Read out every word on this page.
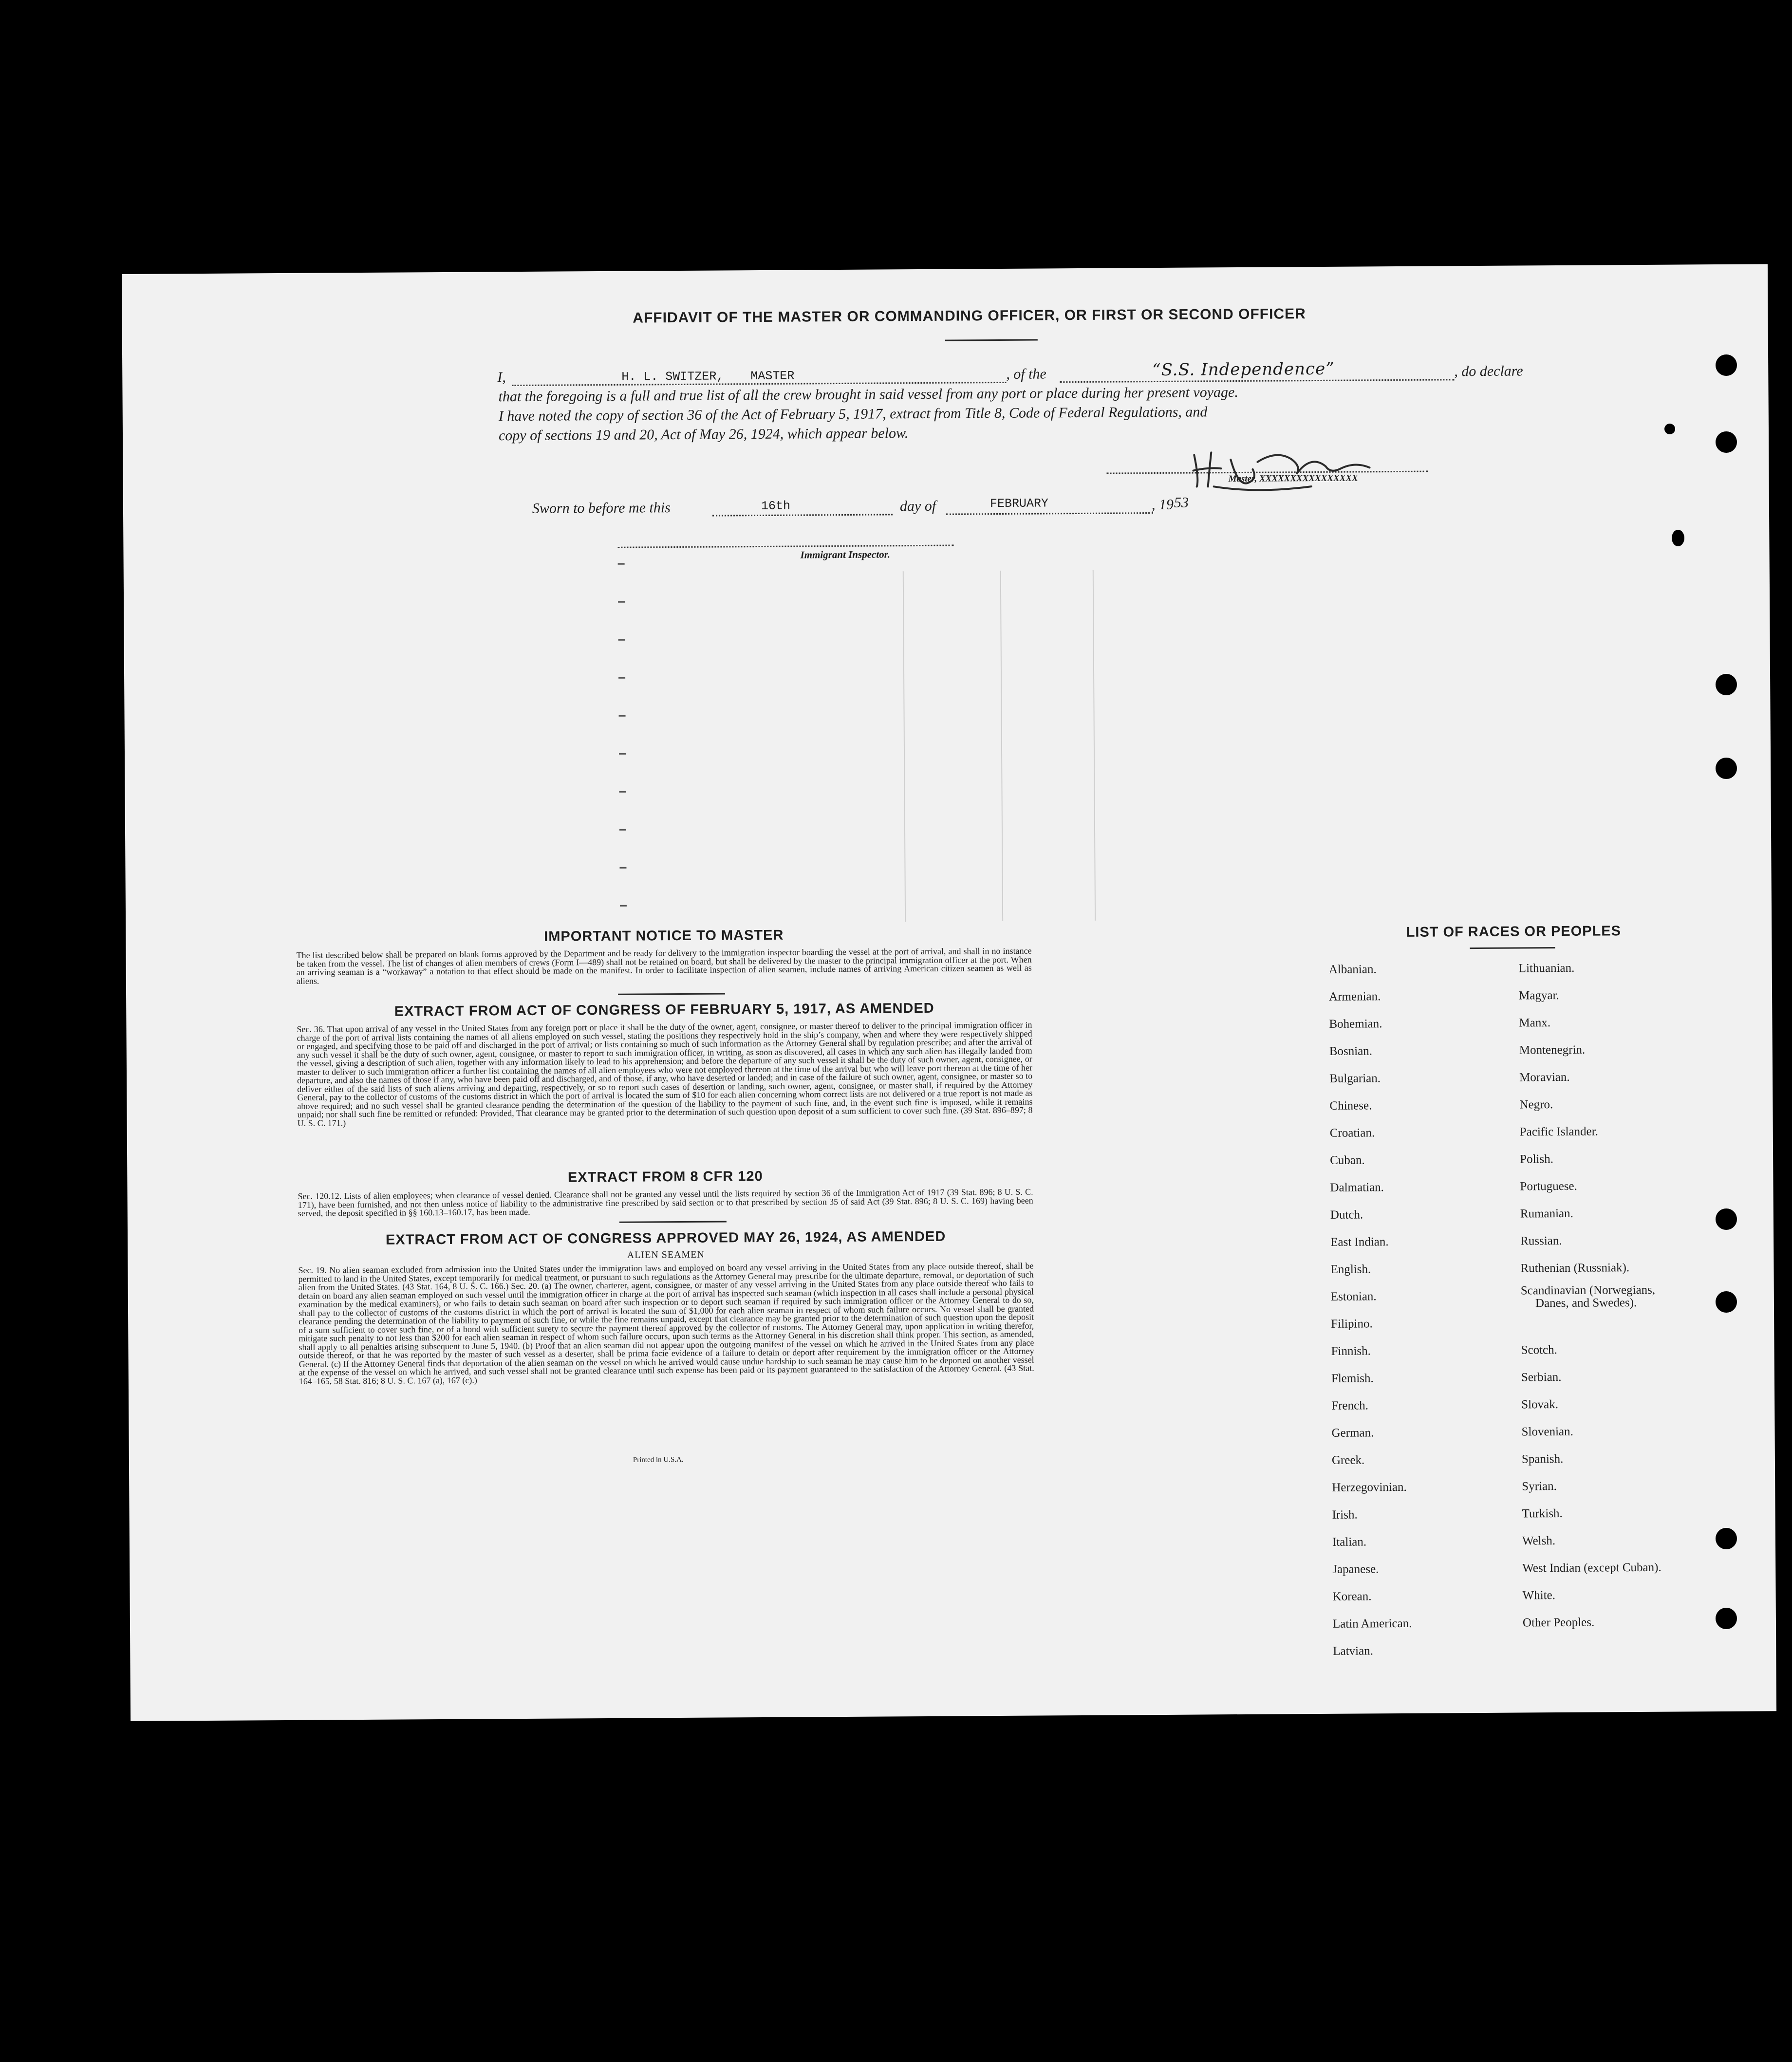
AFFIDAVIT OF THE MASTER OR COMMANDING OFFICER, OR FIRST OR SECOND OFFICER
I,	H. L. SWITZER, MASTER	, of the	“S.S. Independence”	, do declare
that the foregoing is a full and true list of all the crew brought in said vessel from any port or place during her present voyage.
I have noted the copy of section 36 of the Act of February 5, 1917, extract from Title 8, Code of Federal Regulations, and
copy of sections 19 and 20, Act of May 26, 1924, which appear below.
Master, XXXXXXXXXXXXXXXX
Sworn to before me this	16th	day of	FEBRUARY	, 19 53
Immigrant Inspector.
IMPORTANT NOTICE TO MASTER
The list described below shall be prepared on blank forms approved by the Department and be ready for delivery to the immigration inspector boarding the vessel at the port of arrival, and shall in no instance be taken from the vessel. The list of changes of alien members of crews (Form I—489) shall not be retained on board, but shall be delivered by the master to the principal immigration officer at the port. When an arriving seaman is a “workaway” a notation to that effect should be made on the manifest. In order to facilitate inspection of alien seamen, include names of arriving American citizen seamen as well as aliens.
EXTRACT FROM ACT OF CONGRESS OF FEBRUARY 5, 1917, AS AMENDED
Sec. 36. That upon arrival of any vessel in the United States from any foreign port or place it shall be the duty of the owner, agent, consignee, or master thereof to deliver to the principal immigration officer in charge of the port of arrival lists containing the names of all aliens employed on such vessel, stating the positions they respectively hold in the ship’s company, when and where they were respectively shipped or engaged, and specifying those to be paid off and discharged in the port of arrival; or lists containing so much of such information as the Attorney General shall by regulation prescribe; and after the arrival of any such vessel it shall be the duty of such owner, agent, consignee, or master to report to such immigration officer, in writing, as soon as discovered, all cases in which any such alien has illegally landed from the vessel, giving a description of such alien, together with any information likely to lead to his apprehension; and before the departure of any such vessel it shall be the duty of such owner, agent, consignee, or master to deliver to such immigration officer a further list containing the names of all alien employees who were not employed thereon at the time of the arrival but who will leave port thereon at the time of her departure, and also the names of those if any, who have been paid off and discharged, and of those, if any, who have deserted or landed; and in case of the failure of such owner, agent, consignee, or master so to deliver either of the said lists of such aliens arriving and departing, respectively, or so to report such cases of desertion or landing, such owner, agent, consignee, or master shall, if required by the Attorney General, pay to the collector of customs of the customs district in which the port of arrival is located the sum of $10 for each alien concerning whom correct lists are not delivered or a true report is not made as above required; and no such vessel shall be granted clearance pending the determination of the question of the liability to the payment of such fine, and, in the event such fine is imposed, while it remains unpaid; nor shall such fine be remitted or refunded: Provided, That clearance may be granted prior to the determination of such question upon deposit of a sum sufficient to cover such fine. (39 Stat. 896–897; 8 U. S. C. 171.)
EXTRACT FROM 8 CFR 120
Sec. 120.12. Lists of alien employees; when clearance of vessel denied. Clearance shall not be granted any vessel until the lists required by section 36 of the Immigration Act of 1917 (39 Stat. 896; 8 U. S. C. 171), have been furnished, and not then unless notice of liability to the administrative fine prescribed by said section or to that prescribed by section 35 of said Act (39 Stat. 896; 8 U. S. C. 169) having been served, the deposit specified in §§ 160.13–160.17, has been made.
EXTRACT FROM ACT OF CONGRESS APPROVED MAY 26, 1924, AS AMENDED
ALIEN SEAMEN
Sec. 19. No alien seaman excluded from admission into the United States under the immigration laws and employed on board any vessel arriving in the United States from any place outside thereof, shall be permitted to land in the United States, except temporarily for medical treatment, or pursuant to such regulations as the Attorney General may prescribe for the ultimate departure, removal, or deportation of such alien from the United States. (43 Stat. 164, 8 U. S. C. 166.) Sec. 20. (a) The owner, charterer, agent, consignee, or master of any vessel arriving in the United States from any place outside thereof who fails to detain on board any alien seaman employed on such vessel until the immigration officer in charge at the port of arrival has inspected such seaman (which inspection in all cases shall include a personal physical examination by the medical examiners), or who fails to detain such seaman on board after such inspection or to deport such seaman if required by such immigration officer or the Attorney General to do so, shall pay to the collector of customs of the customs district in which the port of arrival is located the sum of $1,000 for each alien seaman in respect of whom such failure occurs. No vessel shall be granted clearance pending the determination of the liability to payment of such fine, or while the fine remains unpaid, except that clearance may be granted prior to the determination of such question upon the deposit of a sum sufficient to cover such fine, or of a bond with sufficient surety to secure the payment thereof approved by the collector of customs. The Attorney General may, upon application in writing therefor, mitigate such penalty to not less than $200 for each alien seaman in respect of whom such failure occurs, upon such terms as the Attorney General in his discretion shall think proper. This section, as amended, shall apply to all penalties arising subsequent to June 5, 1940. (b) Proof that an alien seaman did not appear upon the outgoing manifest of the vessel on which he arrived in the United States from any place outside thereof, or that he was reported by the master of such vessel as a deserter, shall be prima facie evidence of a failure to detain or deport after requirement by the immigration officer or the Attorney General. (c) If the Attorney General finds that deportation of the alien seaman on the vessel on which he arrived would cause undue hardship to such seaman he may cause him to be deported on another vessel at the expense of the vessel on which he arrived, and such vessel shall not be granted clearance until such expense has been paid or its payment guaranteed to the satisfaction of the Attorney General. (43 Stat. 164–165, 58 Stat. 816; 8 U. S. C. 167 (a), 167 (c).)
Printed in U.S.A.
LIST OF RACES OR PEOPLES
Albanian.
Armenian.
Bohemian.
Bosnian.
Bulgarian.
Chinese.
Croatian.
Cuban.
Dalmatian.
Dutch.
East Indian.
English.
Estonian.
Filipino.
Finnish.
Flemish.
French.
German.
Greek.
Herzegovinian.
Irish.
Italian.
Japanese.
Korean.
Latin American.
Latvian.
Lithuanian.
Magyar.
Manx.
Montenegrin.
Moravian.
Negro.
Pacific Islander.
Polish.
Portuguese.
Rumanian.
Russian.
Ruthenian (Russniak).
Scandinavian (Norwegians,
Danes, and Swedes).
Scotch.
Serbian.
Slovak.
Slovenian.
Spanish.
Syrian.
Turkish.
Welsh.
West Indian (except Cuban).
White.
Other Peoples.
